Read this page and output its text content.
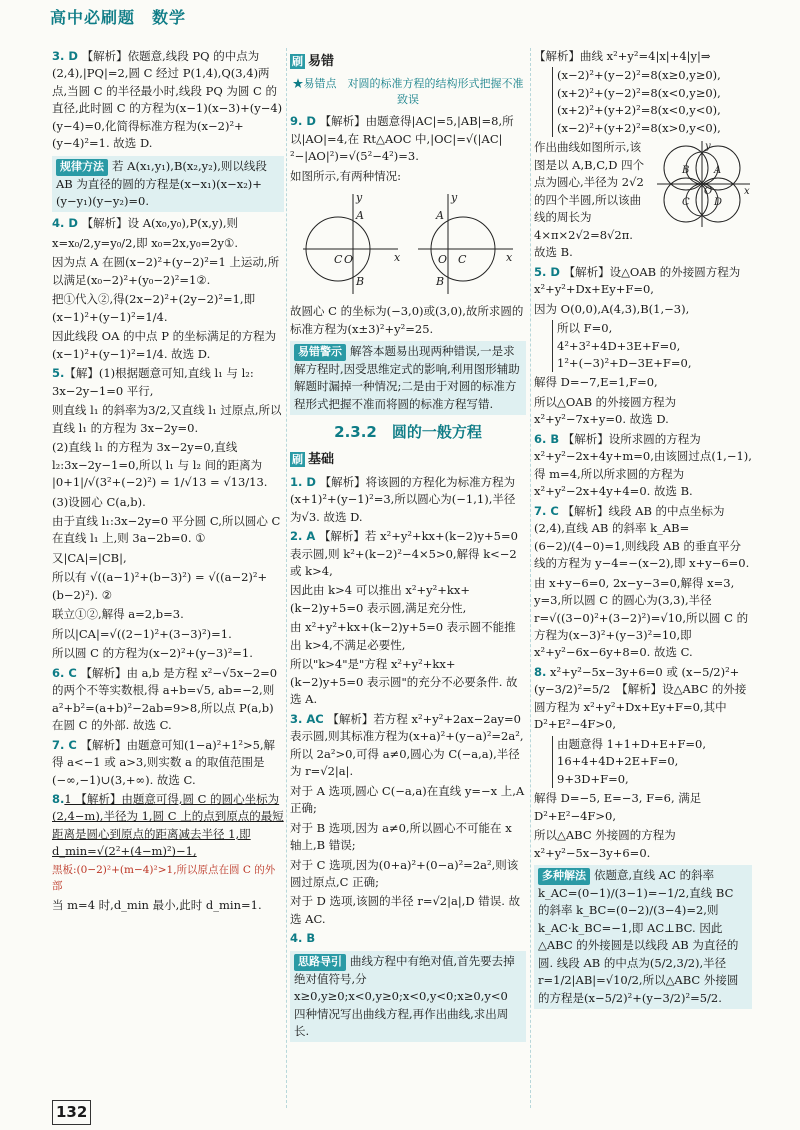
高中必刷题　数学

3. D 【解析】依题意,线段 PQ 的中点为(2,4),|PQ|=2,圆 C 经过 P(1,4),Q(3,4)两点,当圆 C 的半径最小时,线段 PQ 为圆 C 的直径,此时圆 C 的方程为(x−1)(x−3)+(y−4)(y−4)=0,化简得标准方程为(x−2)²+(y−4)²=1. 故选 D.

规律方法 若 A(x₁,y₁),B(x₂,y₂),则以线段 AB 为直径的圆的方程是(x−x₁)(x−x₂)+(y−y₁)(y−y₂)=0.

4. D 【解析】设 A(x₀,y₀),P(x,y),则

x=x₀/2,y=y₀/2,即 x₀=2x,y₀=2y①.

因为点 A 在圆(x−2)²+(y−2)²=1 上运动,所以满足(x₀−2)²+(y₀−2)²=1②.

把①代入②,得(2x−2)²+(2y−2)²=1,即(x−1)²+(y−1)²=1/4.

因此线段 OA 的中点 P 的坐标满足的方程为(x−1)²+(y−1)²=1/4. 故选 D.

5.【解】(1)根据题意可知,直线 l₁ 与 l₂: 3x−2y−1=0 平行,

则直线 l₁ 的斜率为3/2,又直线 l₁ 过原点,所以直线 l₁ 的方程为 3x−2y=0.

(2)直线 l₁ 的方程为 3x−2y=0,直线 l₂:3x−2y−1=0,所以 l₁ 与 l₂ 间的距离为 |0+1|/√(3²+(−2)²) = 1/√13 = √13/13.

(3)设圆心 C(a,b).

由于直线 l₁:3x−2y=0 平分圆 C,所以圆心 C 在直线 l₁ 上,则 3a−2b=0. ①

又|CA|=|CB|,

所以有 √((a−1)²+(b−3)²) = √((a−2)²+(b−2)²). ②

联立①②,解得 a=2,b=3.

所以|CA|=√((2−1)²+(3−3)²)=1.

所以圆 C 的方程为(x−2)²+(y−3)²=1.

6. C 【解析】由 a,b 是方程 x²−√5x−2=0 的两个不等实数根,得 a+b=√5, ab=−2,则 a²+b²=(a+b)²−2ab=9>8,所以点 P(a,b)在圆 C 的外部. 故选 C.

7. C 【解析】由题意可知(1−a)²+1²>5,解得 a<−1 或 a>3,则实数 a 的取值范围是(−∞,−1)∪(3,+∞). 故选 C.

8.1 【解析】由题意可得,圆 C 的圆心坐标为(2,4−m),半径为 1,圆 C 上的点到原点的最短距离是圆心到原点的距离减去半径 1,即 d_min=√(2²+(4−m)²)−1,

黑板:(0−2)²+(m−4)²>1,所以原点在圆 C 的外部

当 m=4 时,d_min 最小,此时 d_min=1.

刷 易错

★易错点　对圆的标准方程的结构形式把握不准致误

9. D 【解析】由题意得|AC|=5,|AB|=8,所以|AO|=4,在 Rt△AOC 中,|OC|=√(|AC|²−|AO|²)=√(5²−4²)=3.

如图所示,有两种情况:

A
B
C O	x
y
A
B
O C	x
y

故圆心 C 的坐标为(−3,0)或(3,0),故所求圆的标准方程为(x±3)²+y²=25.

易错警示 解答本题易出现两种错误,一是求解方程时,因受思维定式的影响,利用图形辅助解题时漏掉一种情况;二是由于对圆的标准方程形式把握不准而将圆的标准方程写错.
2.3.2　圆的一般方程
刷 基础

1. D 【解析】将该圆的方程化为标准方程为(x+1)²+(y−1)²=3,所以圆心为(−1,1),半径为√3. 故选 D.

2. A 【解析】若 x²+y²+kx+(k−2)y+5=0 表示圆,则 k²+(k−2)²−4×5>0,解得 k<−2 或 k>4,

因此由 k>4 可以推出 x²+y²+kx+(k−2)y+5=0 表示圆,满足充分性,

由 x²+y²+kx+(k−2)y+5=0 表示圆不能推出 k>4,不满足必要性,

所以"k>4"是"方程 x²+y²+kx+(k−2)y+5=0 表示圆"的充分不必要条件. 故选 A.

3. AC 【解析】若方程 x²+y²+2ax−2ay=0 表示圆,则其标准方程为(x+a)²+(y−a)²=2a²,所以 2a²>0,可得 a≠0,圆心为 C(−a,a),半径为 r=√2|a|.

对于 A 选项,圆心 C(−a,a)在直线 y=−x 上,A 正确;

对于 B 选项,因为 a≠0,所以圆心不可能在 x 轴上,B 错误;

对于 C 选项,因为(0+a)²+(0−a)²=2a²,则该圆过原点,C 正确;

对于 D 选项,该圆的半径 r=√2|a|,D 错误. 故选 AC.

4. B

思路导引 曲线方程中有绝对值,首先要去掉绝对值符号,分 x≥0,y≥0;x<0,y≥0;x<0,y<0;x≥0,y<0 四种情况写出曲线方程,再作出曲线,求出周长.

【解析】曲线 x²+y²=4|x|+4|y|⇒

(x−2)²+(y−2)²=8(x≥0,y≥0),
(x+2)²+(y−2)²=8(x<0,y≥0),
(x+2)²+(y+2)²=8(x<0,y<0),
(x−2)²+(y+2)²=8(x>0,y<0),
A
B
C D
O	x
y

作出曲线如图所示,该图是以 A,B,C,D 四个点为圆心,半径为 2√2 的四个半圆,所以该曲线的周长为 4×π×2√2=8√2π. 故选 B.

5. D 【解析】设△OAB 的外接圆方程为 x²+y²+Dx+Ey+F=0,

因为 O(0,0),A(4,3),B(1,−3),

所以 F=0,
4²+3²+4D+3E+F=0,
1²+(−3)²+D−3E+F=0,

解得 D=−7,E=1,F=0,

所以△OAB 的外接圆方程为 x²+y²−7x+y=0. 故选 D.

6. B 【解析】设所求圆的方程为 x²+y²−2x+4y+m=0,由该圆过点(1,−1),得 m=4,所以所求圆的方程为 x²+y²−2x+4y+4=0. 故选 B.

7. C 【解析】线段 AB 的中点坐标为(2,4),直线 AB 的斜率 k_AB=(6−2)/(4−0)=1,则线段 AB 的垂直平分线的方程为 y−4=−(x−2),即 x+y−6=0.

由 x+y−6=0, 2x−y−3=0,解得 x=3, y=3,所以圆 C 的圆心为(3,3),半径 r=√((3−0)²+(3−2)²)=√10,所以圆 C 的方程为(x−3)²+(y−3)²=10,即 x²+y²−6x−6y+8=0. 故选 C.

8. x²+y²−5x−3y+6=0 或 (x−5/2)²+(y−3/2)²=5/2　【解析】设△ABC 的外接圆方程为 x²+y²+Dx+Ey+F=0,其中 D²+E²−4F>0,

由题意得 1+1+D+E+F=0,
16+4+4D+2E+F=0,
9+3D+F=0,

解得 D=−5, E=−3, F=6, 满足 D²+E²−4F>0,

所以△ABC 外接圆的方程为 x²+y²−5x−3y+6=0.

多种解法 依题意,直线 AC 的斜率 k_AC=(0−1)/(3−1)=−1/2,直线 BC 的斜率 k_BC=(0−2)/(3−4)=2,则 k_AC·k_BC=−1,即 AC⊥BC. 因此△ABC 的外接圆是以线段 AB 为直径的圆. 线段 AB 的中点为(5/2,3/2),半径 r=1/2|AB|=√10/2,所以△ABC 外接圆的方程是(x−5/2)²+(y−3/2)²=5/2.
132
